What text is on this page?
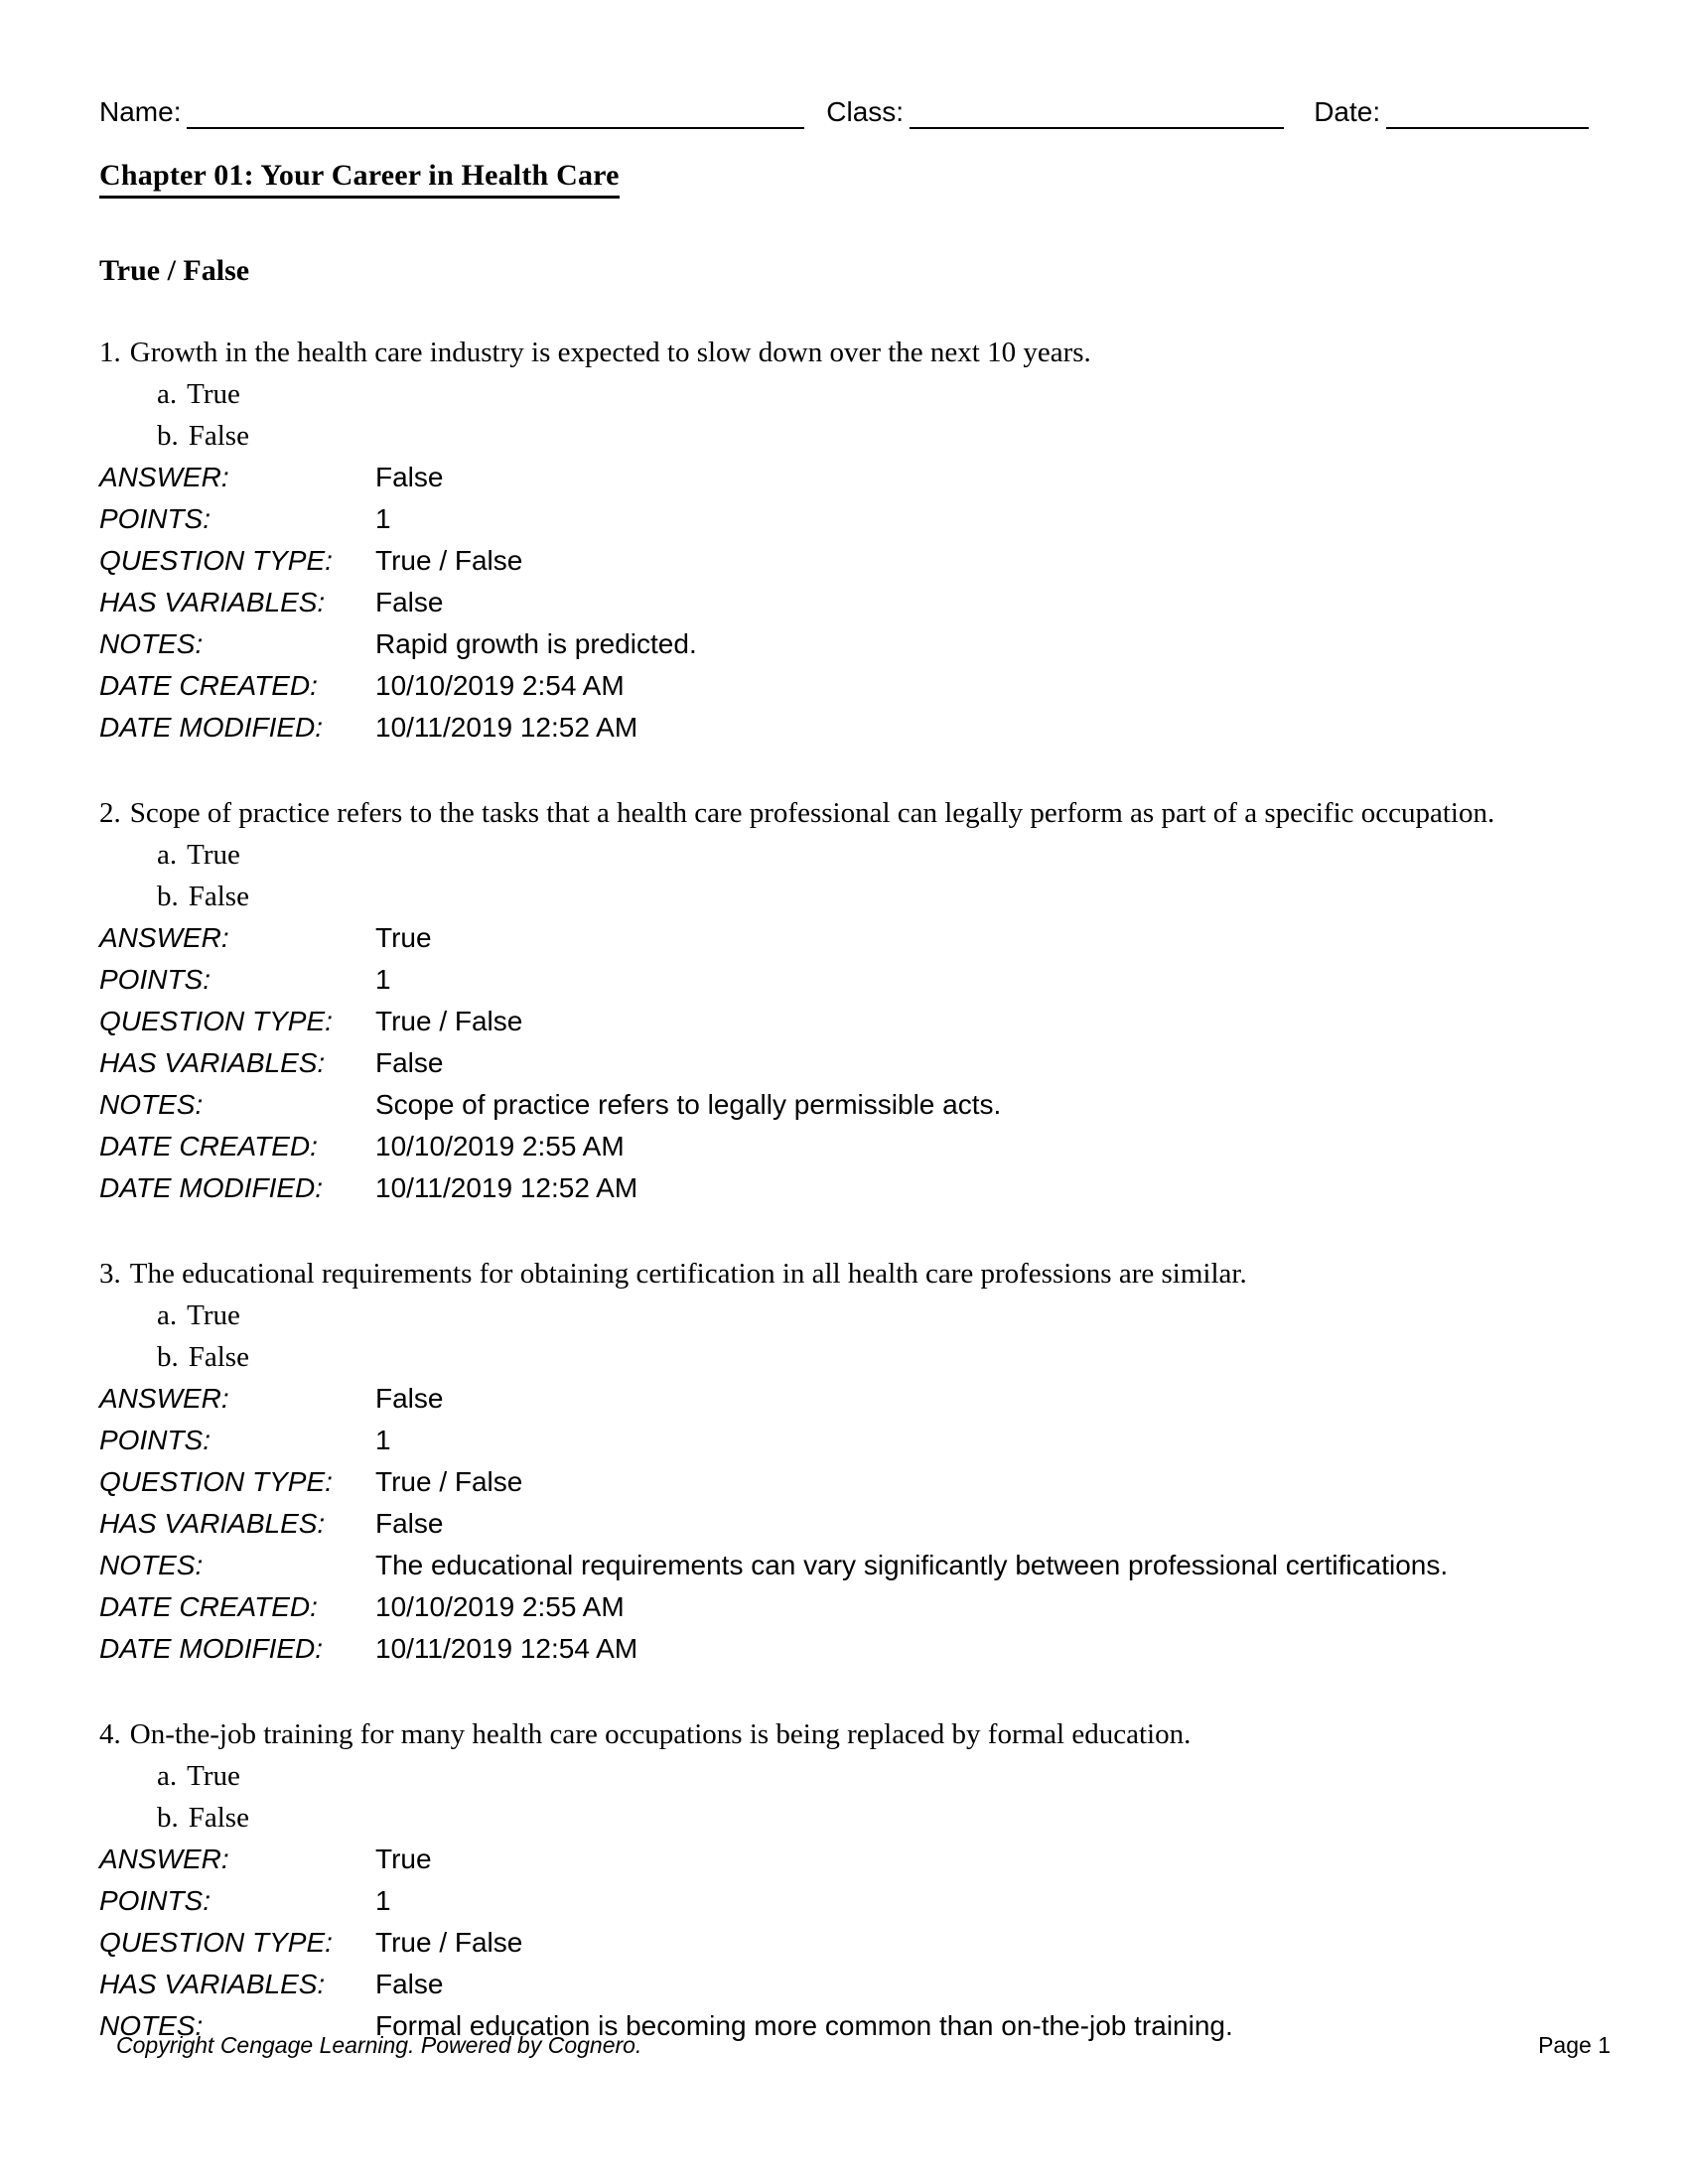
Name:	Class:	Date:
Chapter 01: Your Career in Health Care
True / False

1. Growth in the health care industry is expected to slow down over the next 10 years.

a. True
b. False
ANSWER:	False
POINTS:	1
QUESTION TYPE:	True / False
HAS VARIABLES:	False
NOTES:	Rapid growth is predicted.
DATE CREATED:	10/10/2019 2:54 AM
DATE MODIFIED:	10/11/2019 12:52 AM

2. Scope of practice refers to the tasks that a health care professional can legally perform as part of a specific occupation.

a. True
b. False
ANSWER:	True
POINTS:	1
QUESTION TYPE:	True / False
HAS VARIABLES:	False
NOTES:	Scope of practice refers to legally permissible acts.
DATE CREATED:	10/10/2019 2:55 AM
DATE MODIFIED:	10/11/2019 12:52 AM

3. The educational requirements for obtaining certification in all health care professions are similar.

a. True
b. False
ANSWER:	False
POINTS:	1
QUESTION TYPE:	True / False
HAS VARIABLES:	False
NOTES:	The educational requirements can vary significantly between professional certifications.
DATE CREATED:	10/10/2019 2:55 AM
DATE MODIFIED:	10/11/2019 12:54 AM

4. On-the-job training for many health care occupations is being replaced by formal education.

a. True
b. False
ANSWER:	True
POINTS:	1
QUESTION TYPE:	True / False
HAS VARIABLES:	False
NOTES:	Formal education is becoming more common than on-the-job training.
Copyright Cengage Learning. Powered by Cognero.	Page 1
